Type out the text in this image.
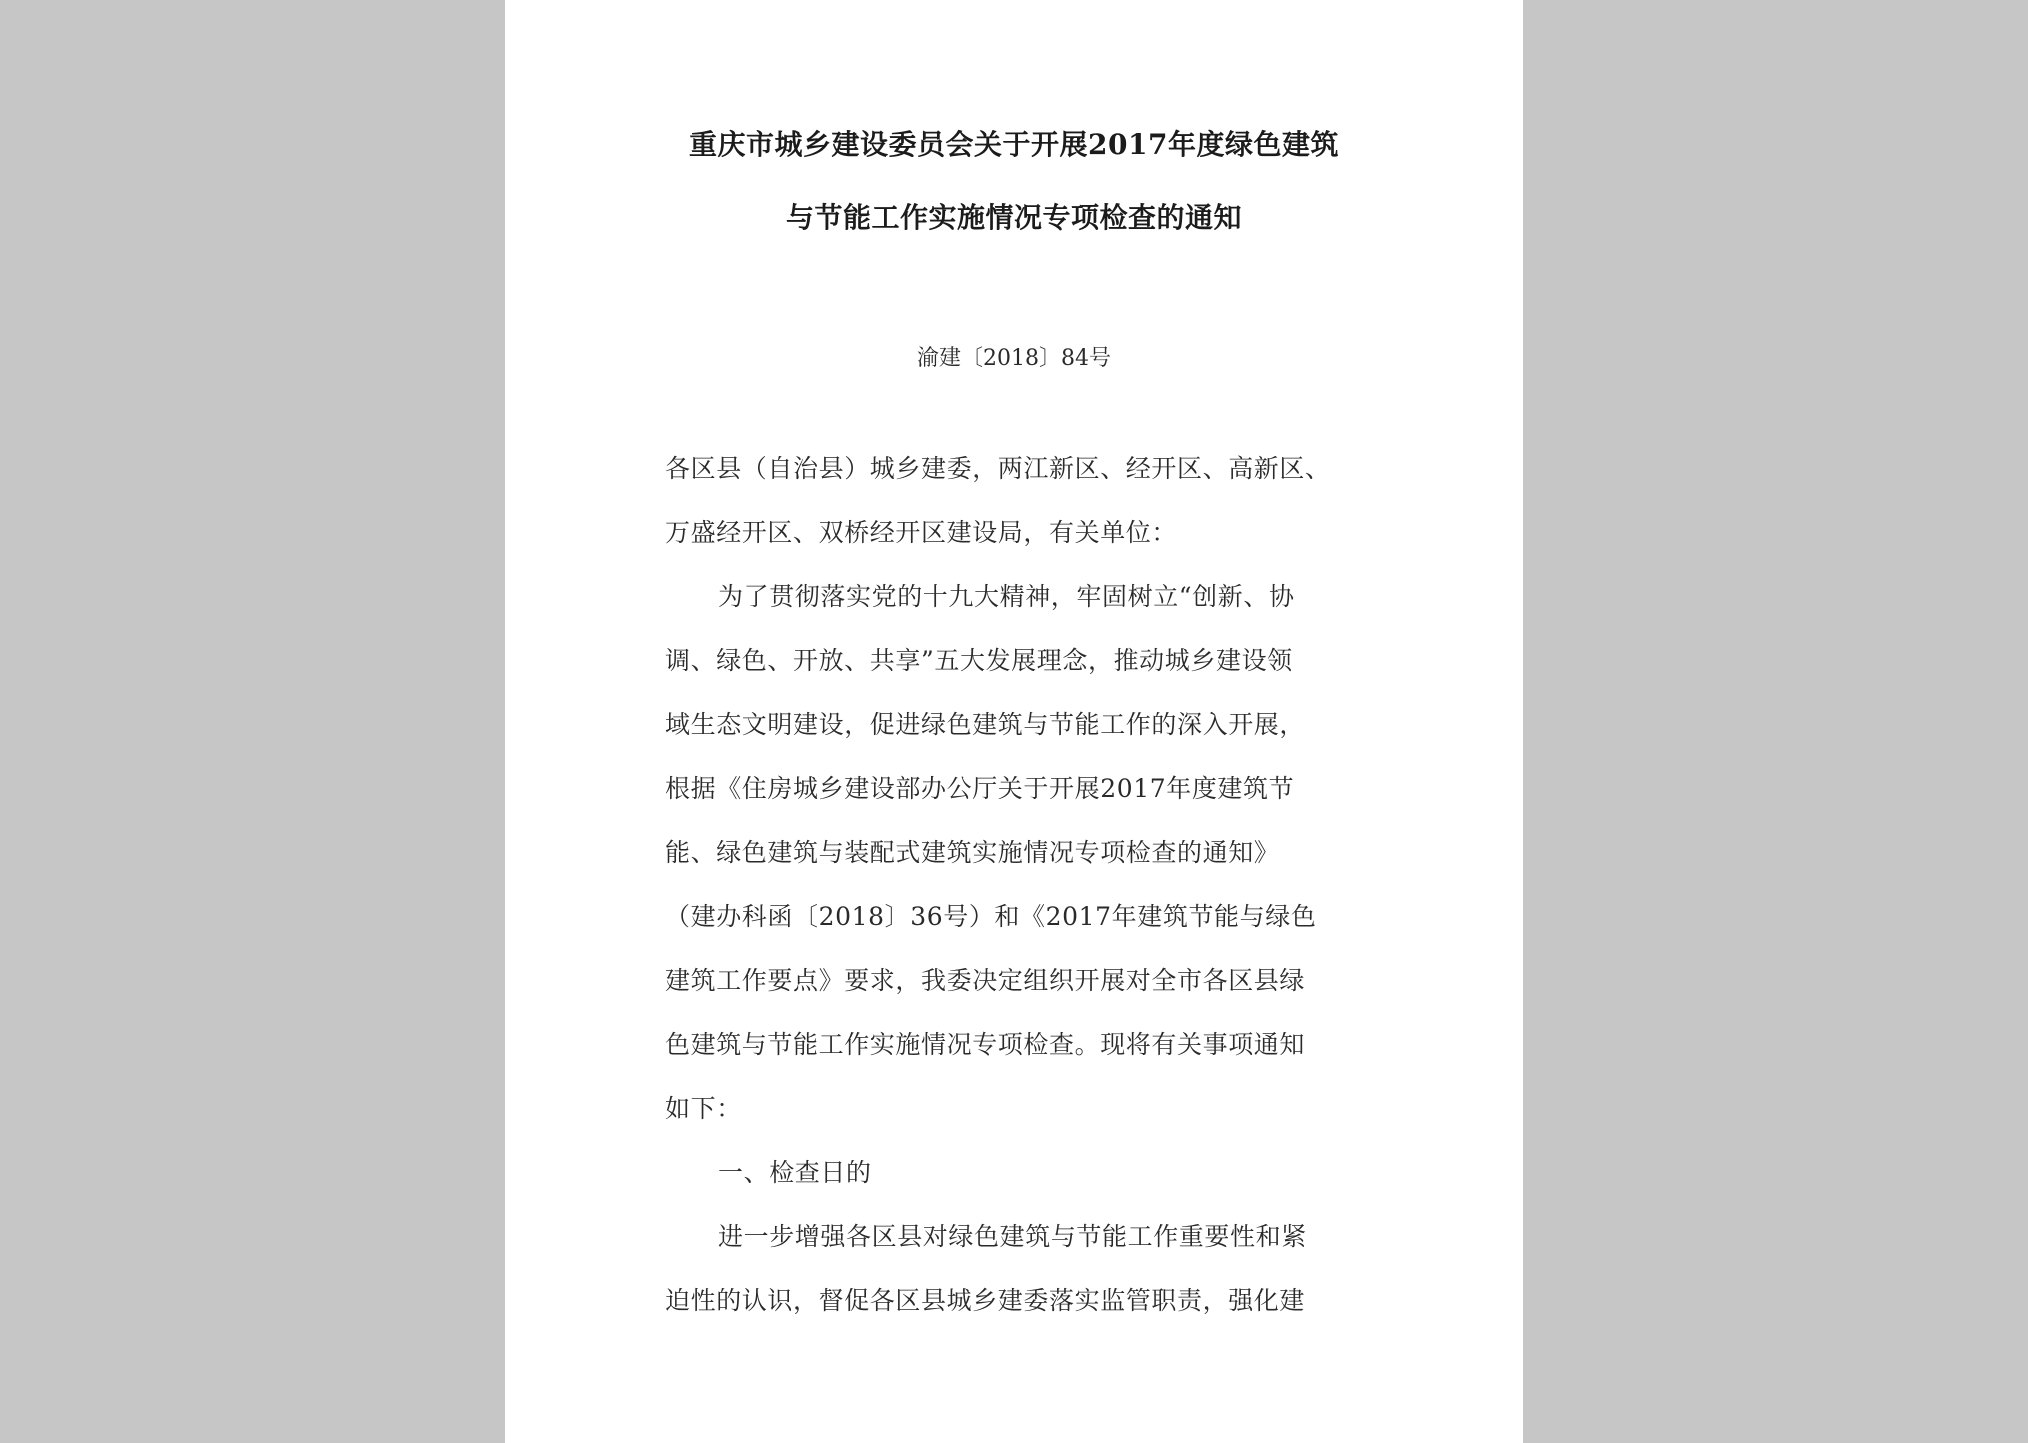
重庆市城乡建设委员会关于开展2017年度绿色建筑
与节能工作实施情况专项检查的通知
渝建〔2018〕84号
各区县（自治县）城乡建委，两江新区、经开区、高新区、
万盛经开区、双桥经开区建设局，有关单位：
为了贯彻落实党的十九大精神，牢固树立“创新、协
调、绿色、开放、共享”五大发展理念，推动城乡建设领
域生态文明建设，促进绿色建筑与节能工作的深入开展，
根据《住房城乡建设部办公厅关于开展2017年度建筑节
能、绿色建筑与装配式建筑实施情况专项检查的通知》
（建办科函〔2018〕36号）和《2017年建筑节能与绿色
建筑工作要点》要求，我委决定组织开展对全市各区县绿
色建筑与节能工作实施情况专项检查。现将有关事项通知
如下：
一、检查日的
进一步增强各区县对绿色建筑与节能工作重要性和紧
迫性的认识，督促各区县城乡建委落实监管职责，强化建
